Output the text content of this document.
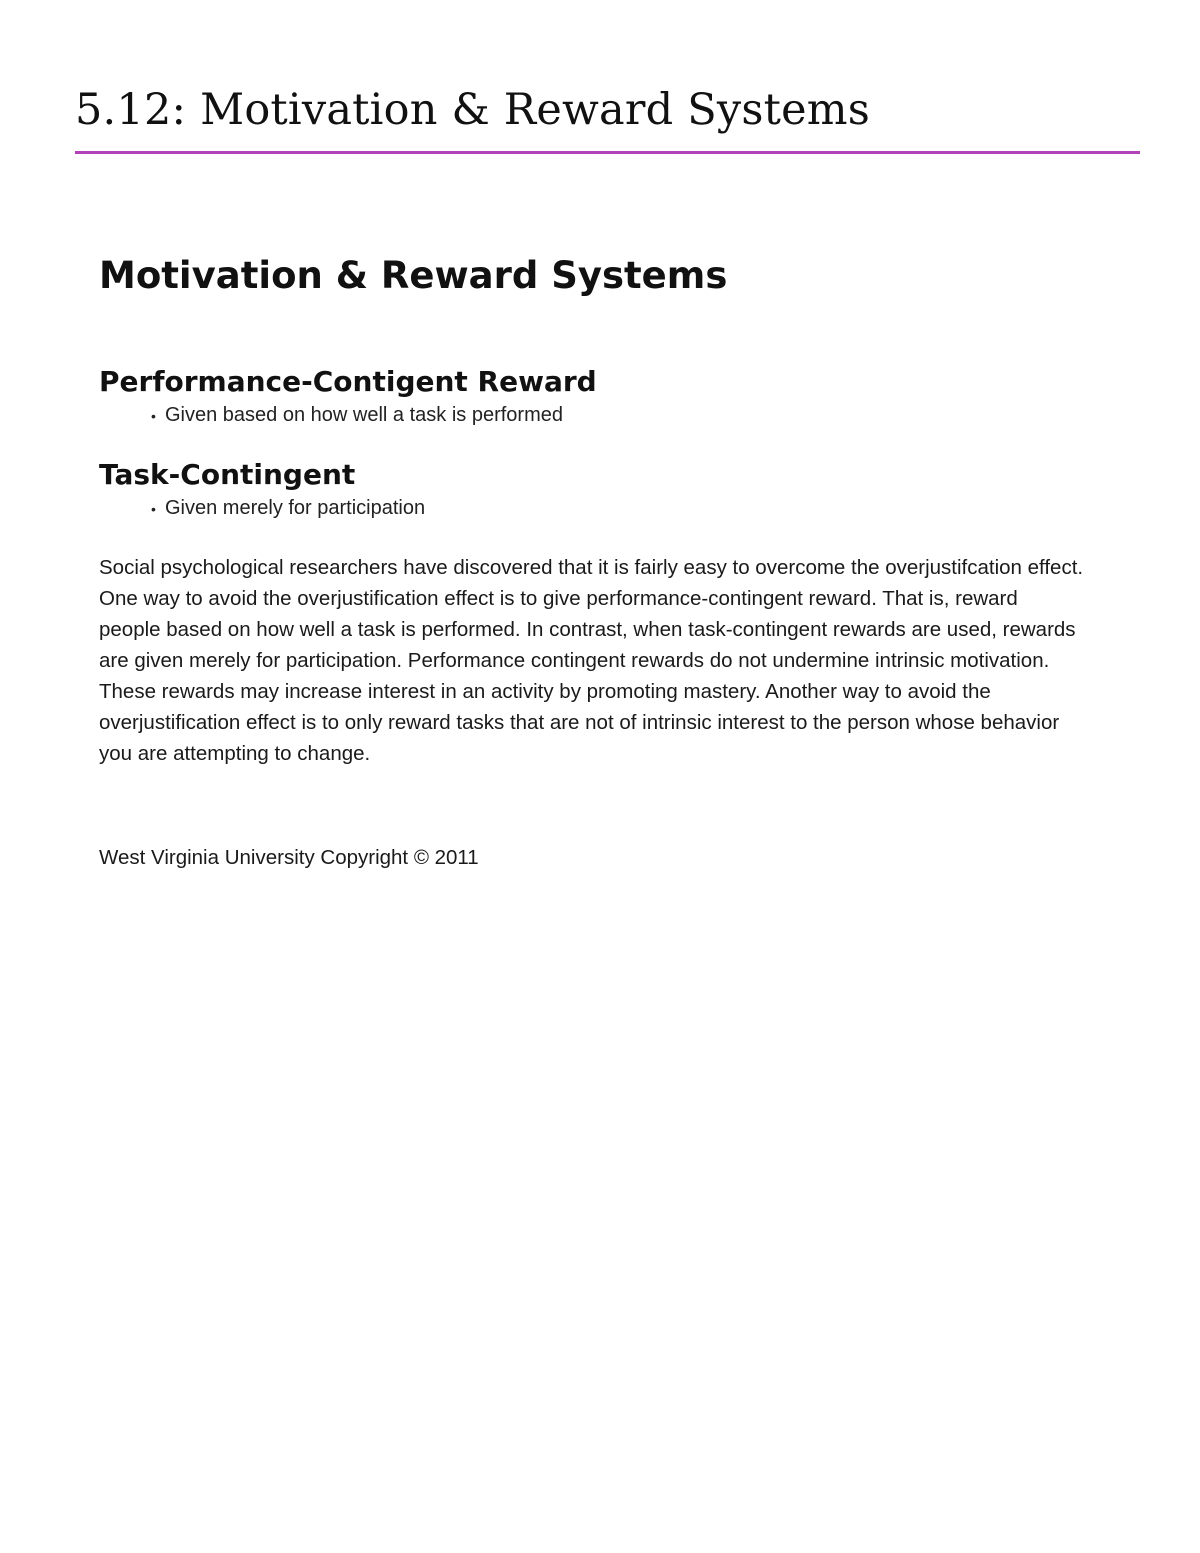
5.12: Motivation & Reward Systems
Motivation & Reward Systems
Performance-Contigent Reward
• Given based on how well a task is performed
Task-Contingent
• Given merely for participation

Social psychological researchers have discovered that it is fairly easy to overcome the overjustifcation effect. One way to avoid the overjustification effect is to give performance-contingent reward. That is, reward people based on how well a task is performed. In contrast, when task-contingent rewards are used, rewards are given merely for participation. Performance contingent rewards do not undermine intrinsic motivation. These rewards may increase interest in an activity by promoting mastery. Another way to avoid the overjustification effect is to only reward tasks that are not of intrinsic interest to the person whose behavior you are attempting to change.

West Virginia University Copyright © 2011
